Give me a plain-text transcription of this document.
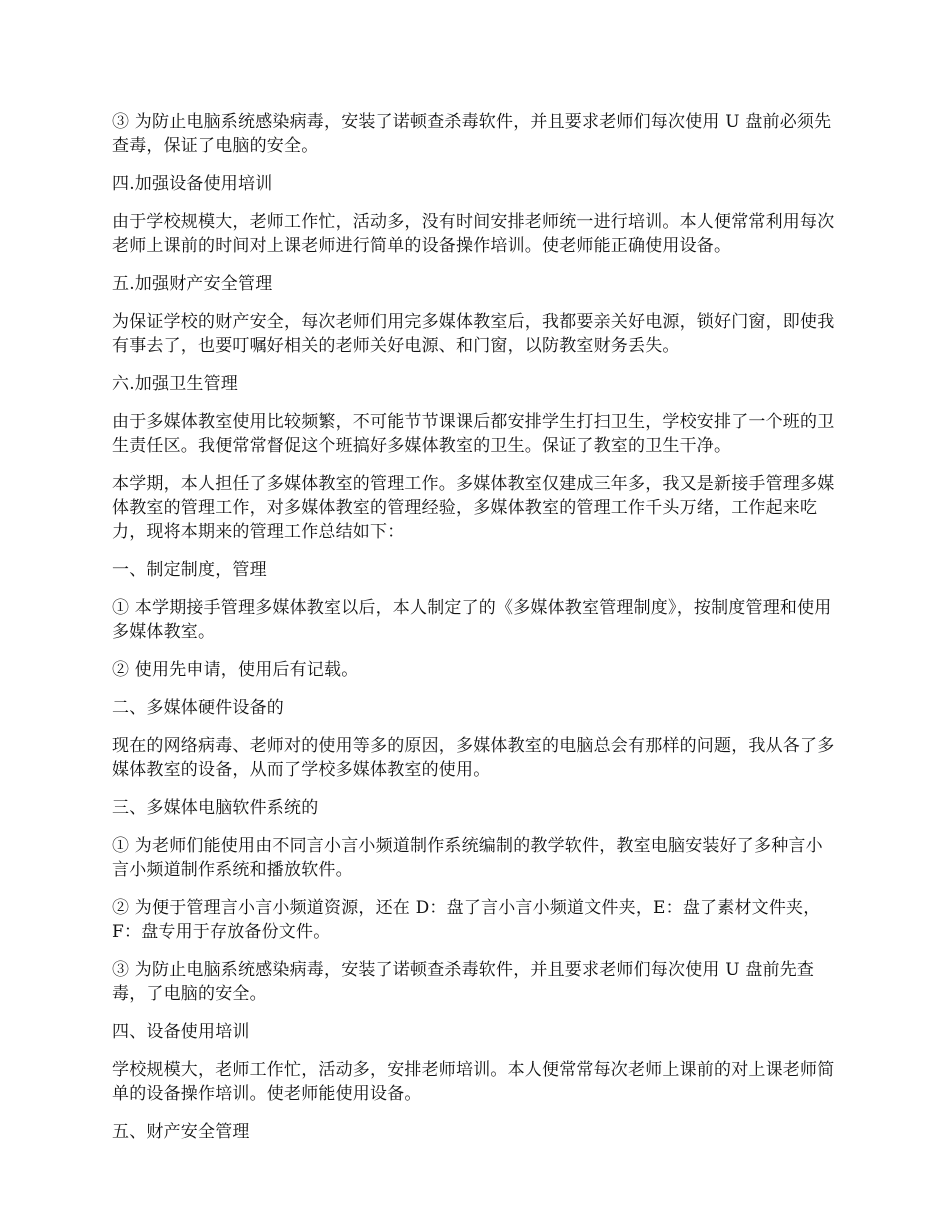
③ 为防止电脑系统感染病毒，安装了诺顿查杀毒软件，并且要求老师们每次使用 U 盘前必须先查毒，保证了电脑的安全。

四.加强设备使用培训

由于学校规模大，老师工作忙，活动多，没有时间安排老师统一进行培训。本人便常常利用每次老师上课前的时间对上课老师进行简单的设备操作培训。使老师能正确使用设备。

五.加强财产安全管理

为保证学校的财产安全，每次老师们用完多媒体教室后，我都要亲关好电源，锁好门窗，即使我有事去了，也要叮嘱好相关的老师关好电源、和门窗，以防教室财务丢失。

六.加强卫生管理

由于多媒体教室使用比较频繁，不可能节节课课后都安排学生打扫卫生，学校安排了一个班的卫生责任区。我便常常督促这个班搞好多媒体教室的卫生。保证了教室的卫生干净。

本学期，本人担任了多媒体教室的管理工作。多媒体教室仅建成三年多，我又是新接手管理多媒体教室的管理工作，对多媒体教室的管理经验，多媒体教室的管理工作千头万绪，工作起来吃力，现将本期来的管理工作总结如下：

一、制定制度，管理

① 本学期接手管理多媒体教室以后，本人制定了的《多媒体教室管理制度》，按制度管理和使用多媒体教室。

② 使用先申请，使用后有记载。

二、多媒体硬件设备的

现在的网络病毒、老师对的使用等多的原因，多媒体教室的电脑总会有那样的问题，我从各了多媒体教室的设备，从而了学校多媒体教室的使用。

三、多媒体电脑软件系统的

① 为老师们能使用由不同言小言小频道制作系统编制的教学软件，教室电脑安装好了多种言小言小频道制作系统和播放软件。

② 为便于管理言小言小频道资源，还在 D：盘了言小言小频道文件夹，E：盘了素材文件夹，F：盘专用于存放备份文件。

③ 为防止电脑系统感染病毒，安装了诺顿查杀毒软件，并且要求老师们每次使用 U 盘前先查毒，了电脑的安全。

四、设备使用培训

学校规模大，老师工作忙，活动多，安排老师培训。本人便常常每次老师上课前的对上课老师简单的设备操作培训。使老师能使用设备。

五、财产安全管理
